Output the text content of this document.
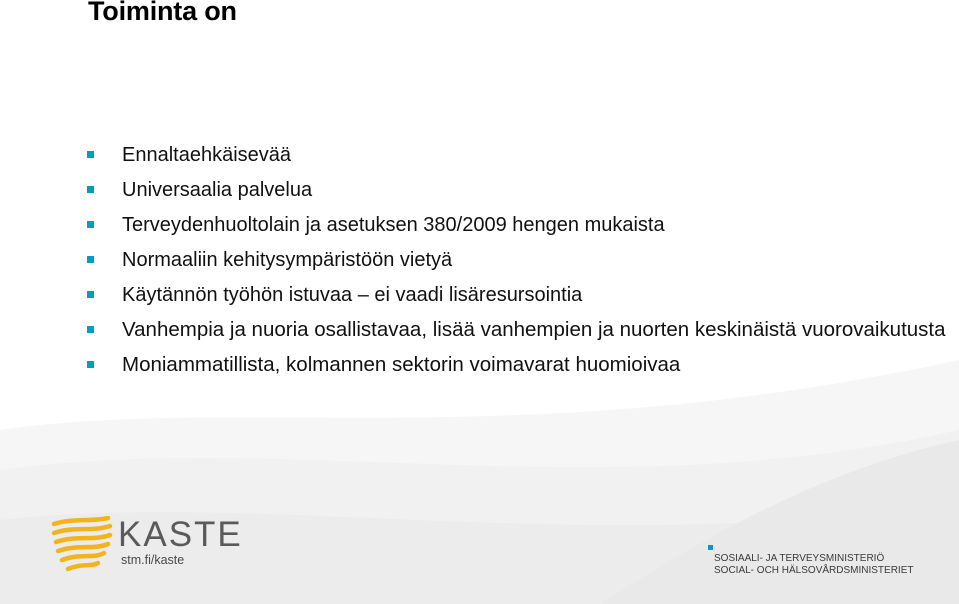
Toiminta on
Ennaltaehkäisevää
Universaalia palvelua
Terveydenhuoltolain ja asetuksen 380/2009 hengen mukaista
Normaaliin kehitysympäristöön vietyä
Käytännön työhön istuvaa – ei vaadi lisäresursointia
Vanhempia ja nuoria osallistavaa, lisää vanhempien ja nuorten keskinäistä vuorovaikutusta
Moniammatillista, kolmannen sektorin voimavarat huomioivaa
KASTE
stm.fi/kaste	SOSIAALI- JA TERVEYSMINISTERIÖ
SOCIAL- OCH HÄLSOVÅRDSMINISTERIET
